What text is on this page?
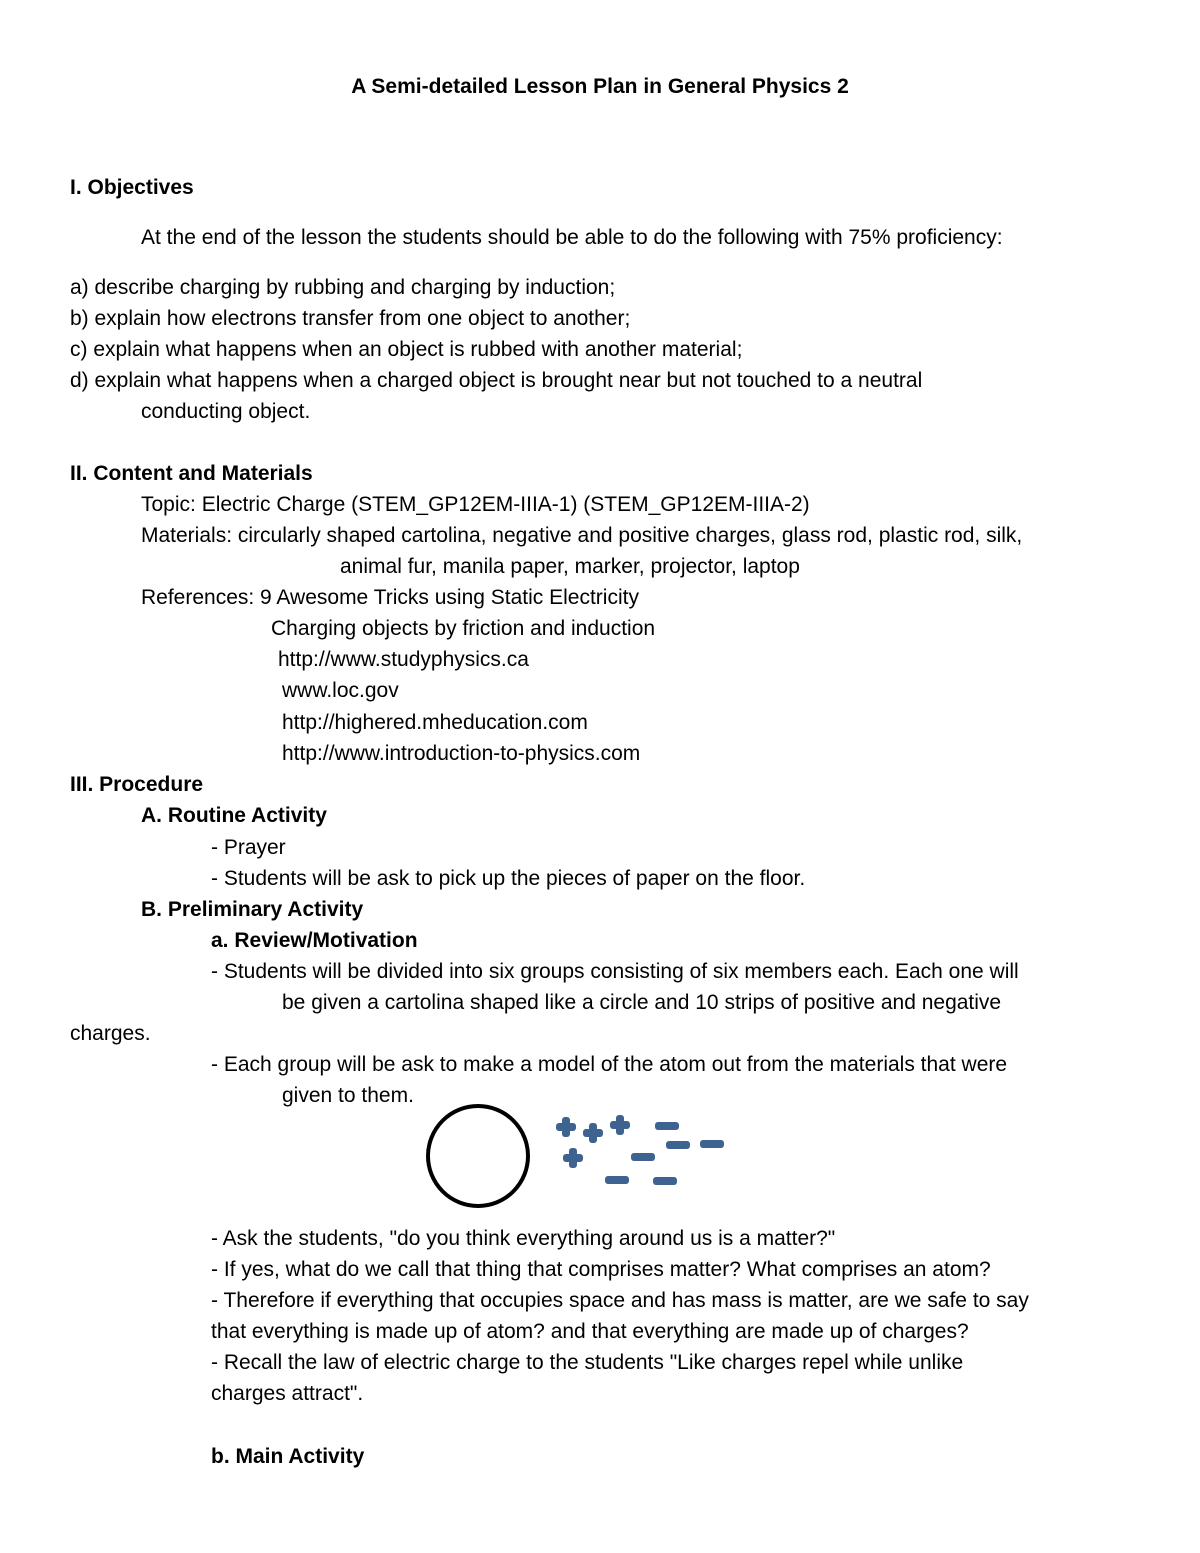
A Semi-detailed Lesson Plan in General Physics 2
I. Objectives
At the end of the lesson the students should be able to do the following with 75% proficiency:
a) describe charging by rubbing and charging by induction;
b) explain how electrons transfer from one object to another;
c) explain what happens when an object is rubbed with another material;
d) explain what happens when a charged object is brought near but not touched to a neutral
conducting object.
II. Content and Materials
Topic: Electric Charge (STEM_GP12EM-IIIA-1) (STEM_GP12EM-IIIA-2)
Materials: circularly shaped cartolina, negative and positive charges, glass rod, plastic rod, silk,
animal fur, manila paper, marker, projector, laptop
References: 9 Awesome Tricks using Static Electricity
Charging objects by friction and induction
http://www.studyphysics.ca
www.loc.gov
http://highered.mheducation.com
http://www.introduction-to-physics.com
III. Procedure
A. Routine Activity
- Prayer
- Students will be ask to pick up the pieces of paper on the floor.
B. Preliminary Activity
a. Review/Motivation
- Students will be divided into six groups consisting of six members each. Each one will
be given a cartolina shaped like a circle and 10 strips of positive and negative
charges.
- Each group will be ask to make a model of the atom out from the materials that were
given to them.
- Ask the students, "do you think everything around us is a matter?"
- If yes, what do we call that thing that comprises matter? What comprises an atom?
- Therefore if everything that occupies space and has mass is matter, are we safe to say
that everything is made up of atom? and that everything are made up of charges?
- Recall the law of electric charge to the students "Like charges repel while unlike
charges attract".
b. Main Activity
